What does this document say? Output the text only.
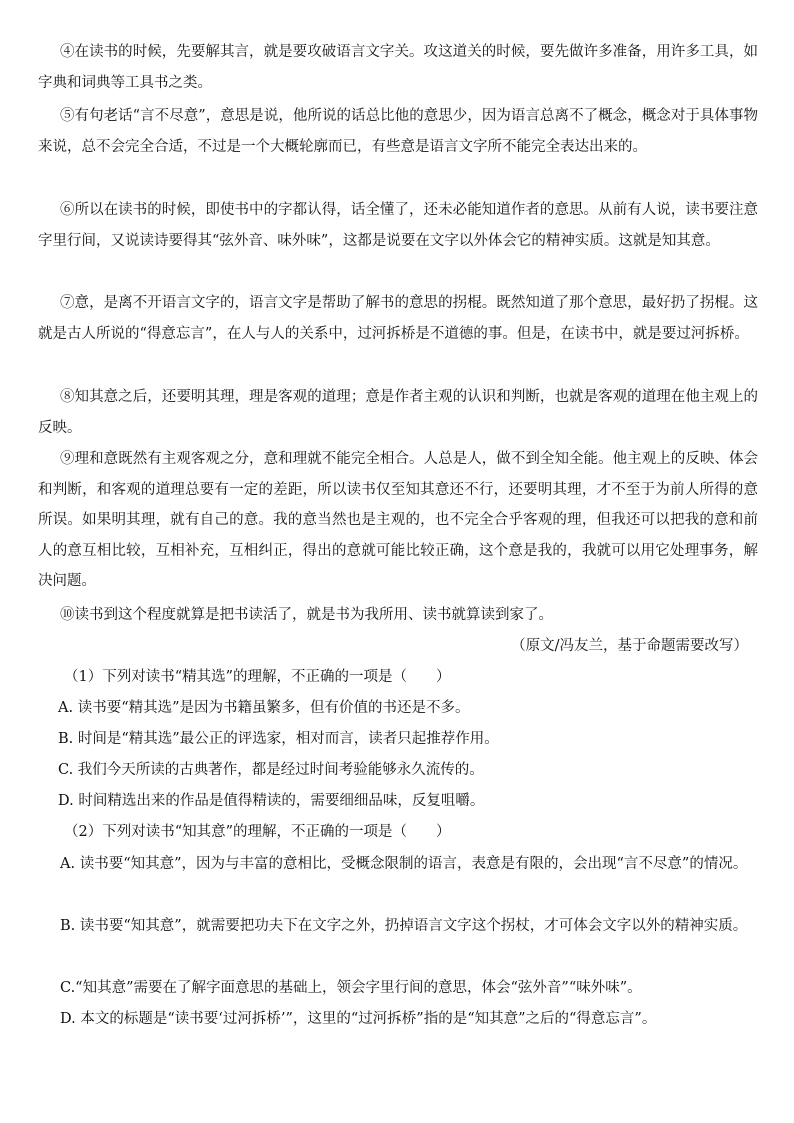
④在读书的时候，先要解其言，就是要攻破语言文字关。攻这道关的时候，要先做许多准备，用许多工具，如字典和词典等工具书之类。

⑤有句老话“言不尽意”，意思是说，他所说的话总比他的意思少，因为语言总离不了概念，概念对于具体事物来说，总不会完全合适，不过是一个大概轮廓而已，有些意是语言文字所不能完全表达出来的。

⑥所以在读书的时候，即使书中的字都认得，话全懂了，还未必能知道作者的意思。从前有人说，读书要注意字里行间，又说读诗要得其“弦外音、味外味”，这都是说要在文字以外体会它的精神实质。这就是知其意。

⑦意，是离不开语言文字的，语言文字是帮助了解书的意思的拐棍。既然知道了那个意思，最好扔了拐棍。这就是古人所说的“得意忘言”，在人与人的关系中，过河拆桥是不道德的事。但是，在读书中，就是要过河拆桥。

⑧知其意之后，还要明其理，理是客观的道理；意是作者主观的认识和判断，也就是客观的道理在他主观上的反映。

⑨理和意既然有主观客观之分，意和理就不能完全相合。人总是人，做不到全知全能。他主观上的反映、体会和判断，和客观的道理总要有一定的差距，所以读书仅至知其意还不行，还要明其理，才不至于为前人所得的意所误。如果明其理，就有自己的意。我的意当然也是主观的，也不完全合乎客观的理，但我还可以把我的意和前人的意互相比较，互相补充，互相纠正，得出的意就可能比较正确，这个意是我的，我就可以用它处理事务，解决问题。

⑩读书到这个程度就算是把书读活了，就是书为我所用、读书就算读到家了。

（原文/冯友兰，基于命题需要改写）

（1）下列对读书“精其选”的理解，不正确的一项是（　　）

A. 读书要“精其选”是因为书籍虽繁多，但有价值的书还是不多。

B. 时间是“精其选”最公正的评选家，相对而言，读者只起推荐作用。

C. 我们今天所读的古典著作，都是经过时间考验能够永久流传的。

D. 时间精选出来的作品是值得精读的，需要细细品味，反复咀嚼。

（2）下列对读书“知其意”的理解，不正确的一项是（　　）

A. 读书要“知其意”，因为与丰富的意相比，受概念限制的语言，表意是有限的，会出现“言不尽意”的情况。

B. 读书要“知其意”，就需要把功夫下在文字之外，扔掉语言文字这个拐杖，才可体会文字以外的精神实质。

C.“知其意”需要在了解字面意思的基础上，领会字里行间的意思，体会“弦外音”“味外味”。

D. 本文的标题是“读书要‘过河拆桥’”，这里的“过河拆桥”指的是“知其意”之后的“得意忘言”。
